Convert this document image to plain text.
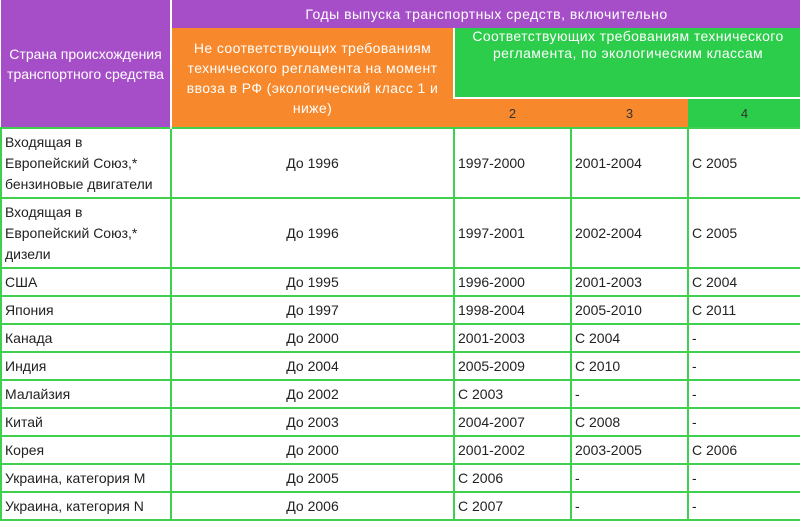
Страна происхождения транспортного средства	Годы выпуска транспортных средств, включительно			
	Не соответствующих требованиям технического регламента на момент ввоза в РФ (экологический класс 1 и ниже)	Соответствующих требованиям технического регламента, по экологическим классам		
		2	3	4
Входящая в Европейский Союз,* бензиновые двигатели	До 1996	1997-2000	2001-2004	С 2005
Входящая в Европейский Союз,* дизели	До 1996	1997-2001	2002-2004	С 2005
США	До 1995	1996-2000	2001-2003	С 2004
Япония	До 1997	1998-2004	2005-2010	С 2011
Канада	До 2000	2001-2003	С 2004	-
Индия	До 2004	2005-2009	С 2010	-
Малайзия	До 2002	С 2003	-	-
Китай	До 2003	2004-2007	С 2008	-
Корея	До 2000	2001-2002	2003-2005	С 2006
Украина, категория М	До 2005	С 2006	-	-
Украина, категория N	До 2006	С 2007	-	-
